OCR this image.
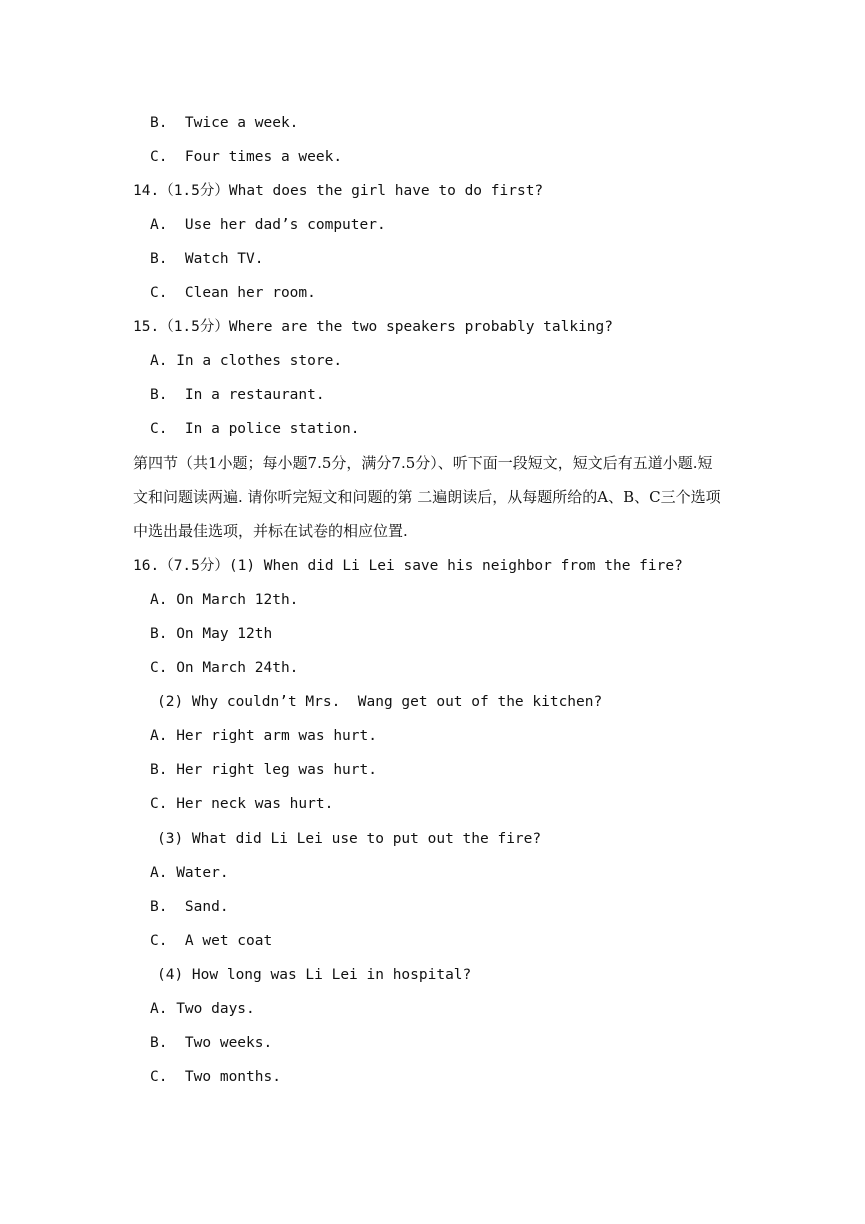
B.  Twice a week.
C.  Four times a week.
14.（1.5分）What does the girl have to do first?
A.  Use her dad’s computer.
B.  Watch TV.
C.  Clean her room.
15.（1.5分）Where are the two speakers probably talking?
A. In a clothes store.
B.  In a restaurant.
C.  In a police station.
第四节（共1小题；每小题7.5分，满分7.5分）、听下面一段短文，短文后有五道小题.短
文和问题读两遍. 请你听完短文和问题的第 二遍朗读后，从每题所给的A、B、C三个选项
中选出最佳选项，并标在试卷的相应位置.
16.（7.5分）(1) When did Li Lei save his neighbor from the fire?
A. On March 12th.
B. On May 12th
C. On March 24th.
(2) Why couldn’t Mrs.  Wang get out of the kitchen?
A. Her right arm was hurt.
B. Her right leg was hurt.
C. Her neck was hurt.
(3) What did Li Lei use to put out the fire?
A. Water.
B.  Sand.
C.  A wet coat
(4) How long was Li Lei in hospital?
A. Two days.
B.  Two weeks.
C.  Two months.
